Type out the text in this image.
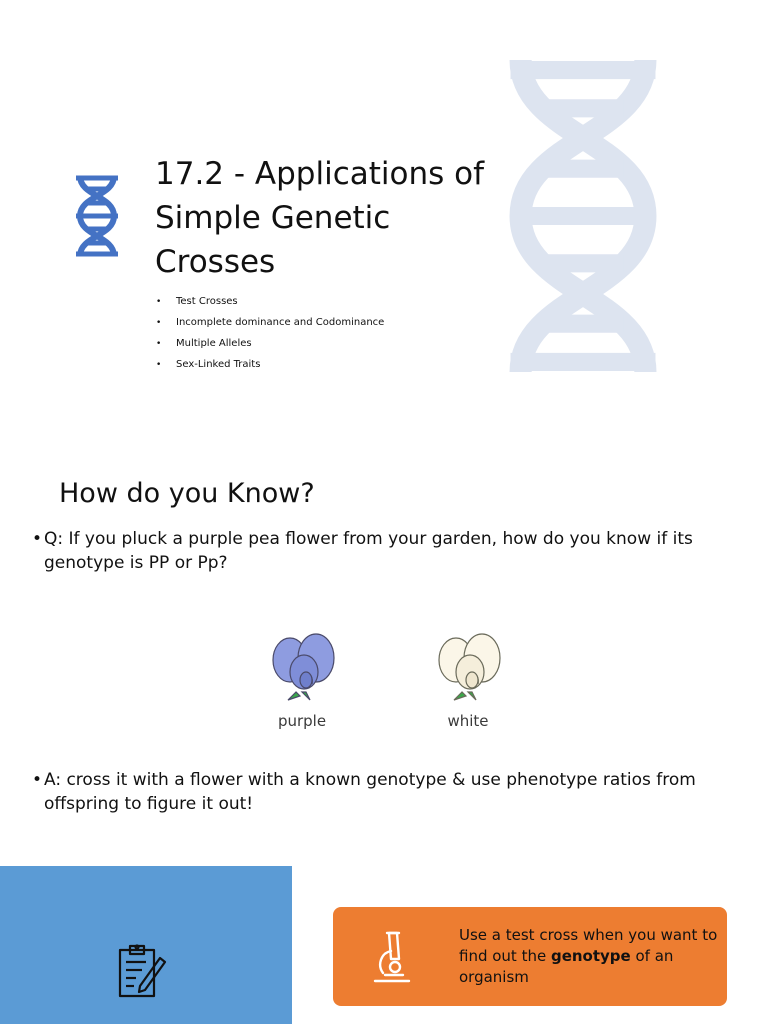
17.2 - Applications of Simple Genetic Crosses
• Test Crosses
• Incomplete dominance and Codominance
• Multiple Alleles
• Sex-Linked Traits
How do you Know?

• Q: If you pluck a purple pea flower from your garden, how do you know if its genotype is PP or Pp?

purple	white

• A: cross it with a flower with a known genotype & use phenotype ratios from offspring to figure it out!

Use a test cross when you want to find out the genotype of an organism
